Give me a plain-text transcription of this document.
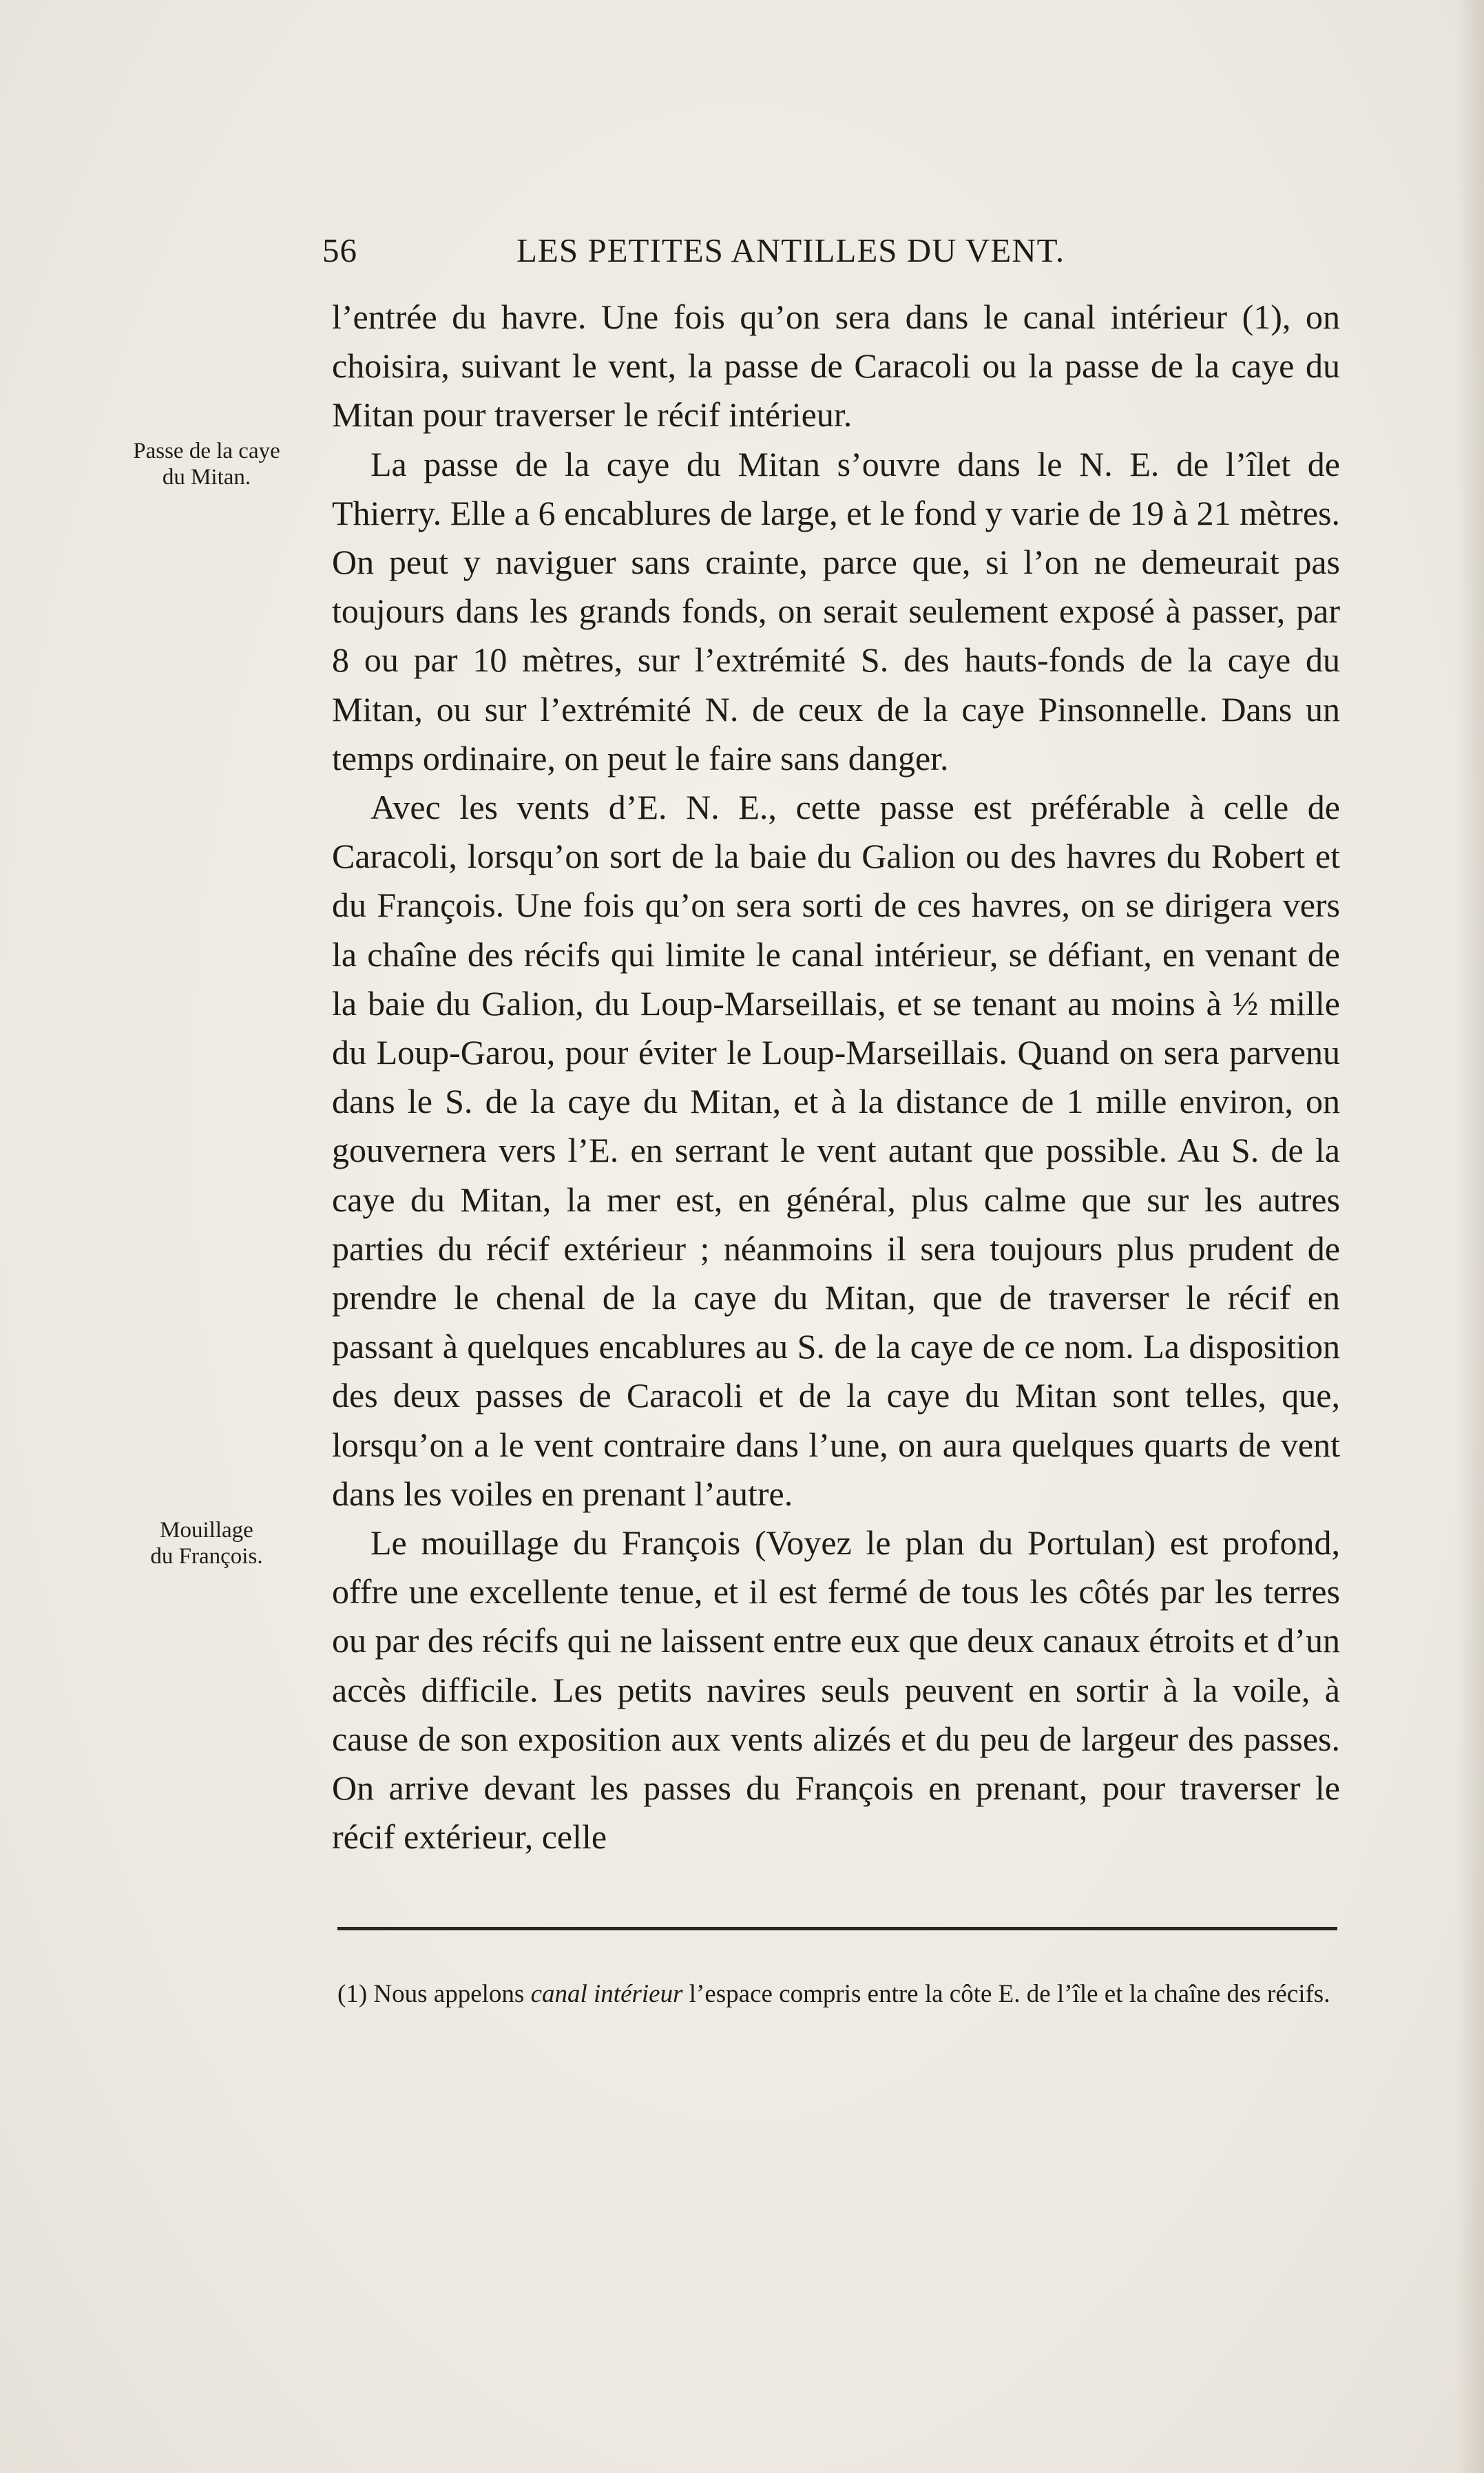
56	LES PETITES ANTILLES DU VENT.
Passe de la caye
du Mitan.
Mouillage
du François.

l’entrée du havre. Une fois qu’on sera dans le canal intérieur (1), on choisira, suivant le vent, la passe de Caracoli ou la passe de la caye du Mitan pour traverser le récif intérieur.

La passe de la caye du Mitan s’ouvre dans le N. E. de l’îlet de Thierry. Elle a 6 encablures de large, et le fond y varie de 19 à 21 mètres. On peut y naviguer sans crainte, parce que, si l’on ne demeurait pas toujours dans les grands fonds, on serait seulement exposé à passer, par 8 ou par 10 mètres, sur l’extrémité S. des hauts-fonds de la caye du Mitan, ou sur l’extrémité N. de ceux de la caye Pinsonnelle. Dans un temps ordinaire, on peut le faire sans danger.

Avec les vents d’E. N. E., cette passe est préférable à celle de Caracoli, lorsqu’on sort de la baie du Galion ou des havres du Robert et du François. Une fois qu’on sera sorti de ces havres, on se dirigera vers la chaîne des récifs qui limite le canal intérieur, se défiant, en venant de la baie du Galion, du Loup-Marseillais, et se tenant au moins à ½ mille du Loup-Garou, pour éviter le Loup-Marseillais. Quand on sera parvenu dans le S. de la caye du Mitan, et à la distance de 1 mille environ, on gouvernera vers l’E. en serrant le vent autant que possible. Au S. de la caye du Mitan, la mer est, en général, plus calme que sur les autres parties du récif extérieur ; néanmoins il sera toujours plus prudent de prendre le chenal de la caye du Mitan, que de traverser le récif en passant à quelques encablures au S. de la caye de ce nom. La disposition des deux passes de Caracoli et de la caye du Mitan sont telles, que, lorsqu’on a le vent contraire dans l’une, on aura quelques quarts de vent dans les voiles en prenant l’autre.

Le mouillage du François (Voyez le plan du Portulan) est profond, offre une excellente tenue, et il est fermé de tous les côtés par les terres ou par des récifs qui ne laissent entre eux que deux canaux étroits et d’un accès difficile. Les petits navires seuls peuvent en sortir à la voile, à cause de son exposition aux vents alizés et du peu de largeur des passes. On arrive devant les passes du François en prenant, pour traverser le récif extérieur, celle

(1) Nous appelons canal intérieur l’espace compris entre la côte E. de l’île et la chaîne des récifs.
